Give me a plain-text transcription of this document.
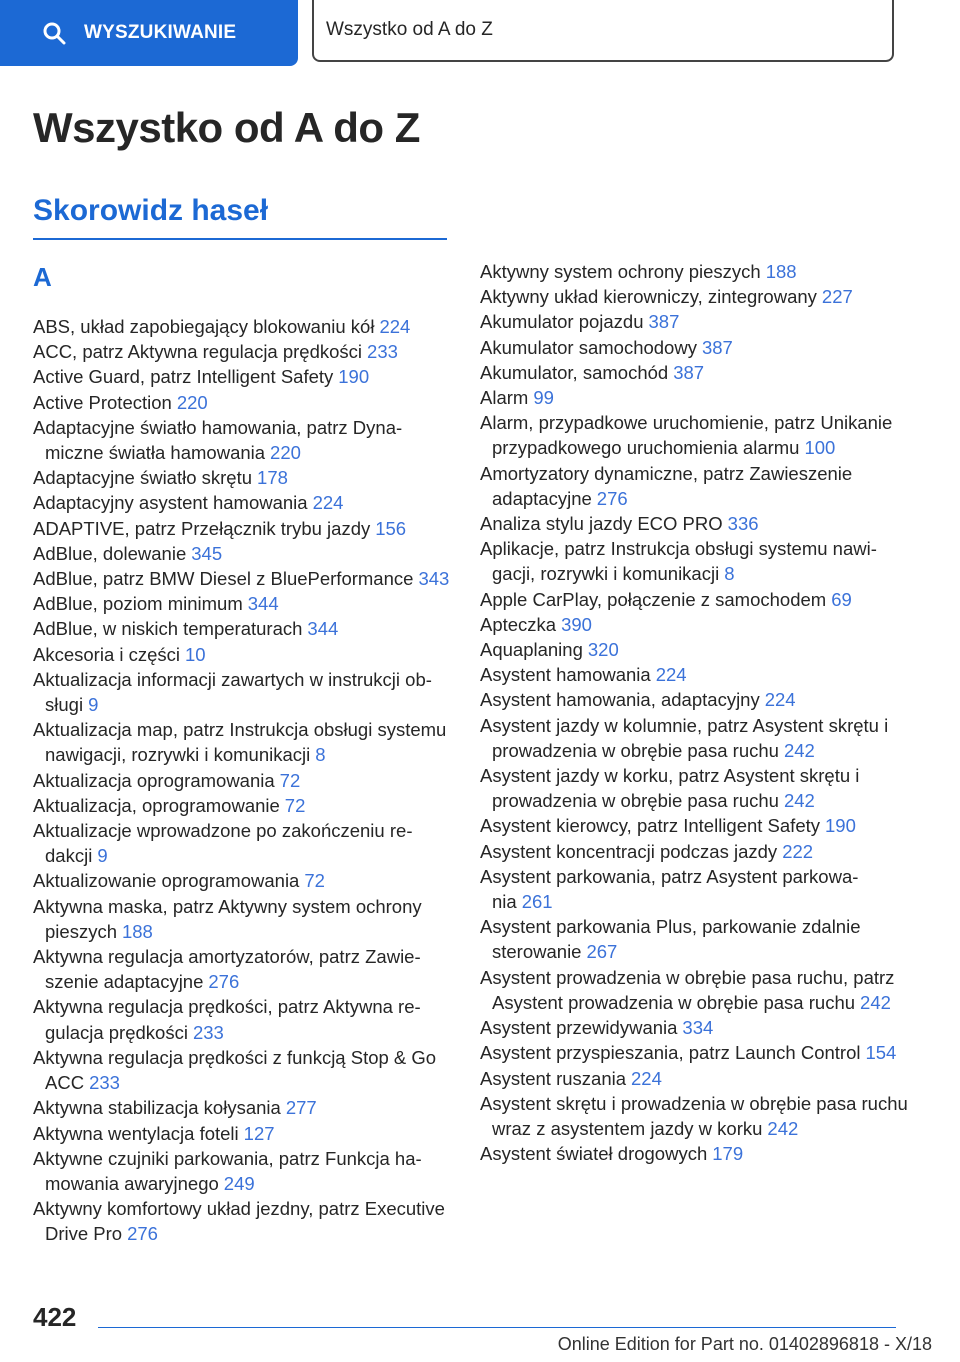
WYSZUKIWANIE	Wszystko od A do Z
Wszystko od A do Z
Skorowidz haseł
A
ABS, układ zapobiegający blokowaniu kół 224
ACC, patrz Aktywna regulacja prędkości 233
Active Guard, patrz Intelligent Safety 190
Active Protection 220
Adaptacyjne światło hamowania, patrz Dynamiczne światła hamowania 220
Adaptacyjne światło skrętu 178
Adaptacyjny asystent hamowania 224
ADAPTIVE, patrz Przełącznik trybu jazdy 156
AdBlue, dolewanie 345
AdBlue, patrz BMW Diesel z BluePerformance 343
AdBlue, poziom minimum 344
AdBlue, w niskich temperaturach 344
Akcesoria i części 10
Aktualizacja informacji zawartych w instrukcji obsługi 9
Aktualizacja map, patrz Instrukcja obsługi systemu nawigacji, rozrywki i komunikacji 8
Aktualizacja oprogramowania 72
Aktualizacja, oprogramowanie 72
Aktualizacje wprowadzone po zakończeniu redakcji 9
Aktualizowanie oprogramowania 72
Aktywna maska, patrz Aktywny system ochrony pieszych 188
Aktywna regulacja amortyzatorów, patrz Zawieszenie adaptacyjne 276
Aktywna regulacja prędkości, patrz Aktywna regulacja prędkości 233
Aktywna regulacja prędkości z funkcją Stop & Go ACC 233
Aktywna stabilizacja kołysania 277
Aktywna wentylacja foteli 127
Aktywne czujniki parkowania, patrz Funkcja hamowania awaryjnego 249
Aktywny komfortowy układ jezdny, patrz Executive Drive Pro 276
Aktywny system ochrony pieszych 188
Aktywny układ kierowniczy, zintegrowany 227
Akumulator pojazdu 387
Akumulator samochodowy 387
Akumulator, samochód 387
Alarm 99
Alarm, przypadkowe uruchomienie, patrz Unikanie przypadkowego uruchomienia alarmu 100
Amortyzatory dynamiczne, patrz Zawieszenie adaptacyjne 276
Analiza stylu jazdy ECO PRO 336
Aplikacje, patrz Instrukcja obsługi systemu nawigacji, rozrywki i komunikacji 8
Apple CarPlay, połączenie z samochodem 69
Apteczka 390
Aquaplaning 320
Asystent hamowania 224
Asystent hamowania, adaptacyjny 224
Asystent jazdy w kolumnie, patrz Asystent skrętu i prowadzenia w obrębie pasa ruchu 242
Asystent jazdy w korku, patrz Asystent skrętu i prowadzenia w obrębie pasa ruchu 242
Asystent kierowcy, patrz Intelligent Safety 190
Asystent koncentracji podczas jazdy 222
Asystent parkowania, patrz Asystent parkowania 261
Asystent parkowania Plus, parkowanie zdalnie sterowanie 267
Asystent prowadzenia w obrębie pasa ruchu, patrz Asystent prowadzenia w obrębie pasa ruchu 242
Asystent przewidywania 334
Asystent przyspieszania, patrz Launch Control 154
Asystent ruszania 224
Asystent skrętu i prowadzenia w obrębie pasa ruchu wraz z asystentem jazdy w korku 242
Asystent świateł drogowych 179
422
Online Edition for Part no. 01402896818 - X/18
